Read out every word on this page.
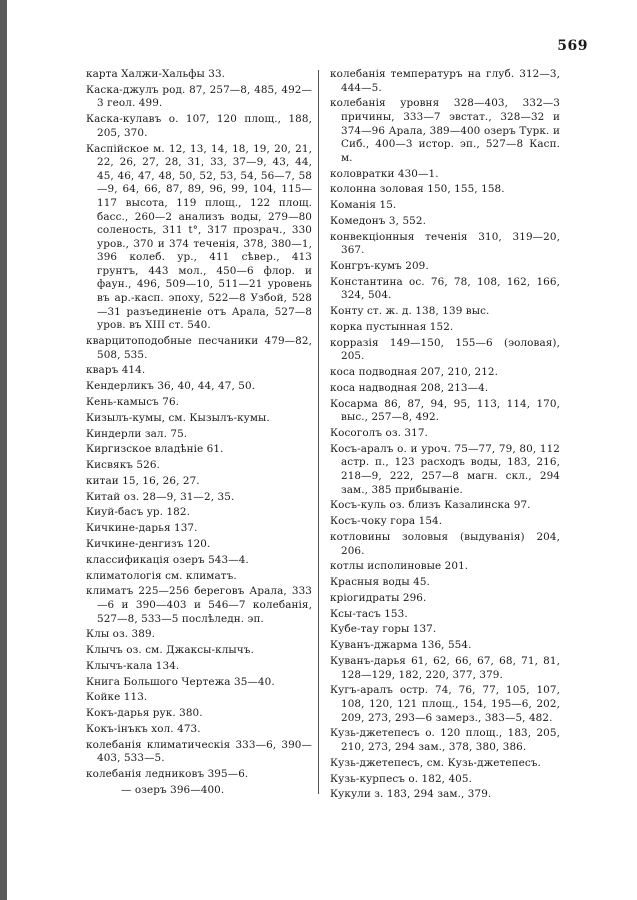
569

карта Халжи-Хальфы 33.

Каска-джулъ род. 87, 257—8, 485, 492—3 геол. 499.

Каска-кулавъ о. 107, 120 площ., 188, 205, 370.

Каспійское м. 12, 13, 14, 18, 19, 20, 21, 22, 26, 27, 28, 31, 33, 37—9, 43, 44, 45, 46, 47, 48, 50, 52, 53, 54, 56—7, 58—9, 64, 66, 87, 89, 96, 99, 104, 115—117 высота, 119 площ., 122 площ. басс., 260—2 анализъ воды, 279—80 соленость, 311 t°, 317 прозрач., 330 уров., 370 и 374 теченія, 378, 380—1, 396 колеб. ур., 411 сѣвер., 413 грунтъ, 443 мол., 450—6 флор. и фаун., 496, 509—10, 511—21 уровень въ ар.-касп. эпоху, 522—8 Узбой, 528—31 разъединеніе отъ Арала, 527—8 уров. въ XIII ст. 540.

кварцитоподобные песчаники 479—82, 508, 535.

кваръ 414.

Кендерли​къ 36, 40, 44, 47, 50.

Кень-камысъ 76.

Кизылъ-кумы, см. Кызылъ-кумы.

Киндерли зал. 75.

Киргизское владѣніе 61.

Кисвякъ 526.

китаи 15, 16, 26, 27.

Китай оз. 28—9, 31—2, 35.

Киуй-басъ ур. 182.

Кичкине-дарья 137.

Кичкине-денгизъ 120.

классификація озеръ 543—4.

климатологія см. климатъ.

климатъ 225—256 береговъ Арала, 333—6 и 390—403 и 546—7 колебанія, 527—8, 533—5 послѣледн. эп.

Клы оз. 389.

Клычъ оз. см. Джаксы-клычъ.

Клычъ-кала 134.

Книга Большого Чертежа 35—40.

Койке 113.

Кокъ-дарья рук. 380.

Кокъ-інъкъ хол. 473.

колебанія климатическія 333—6, 390—403, 533—5.

колебанія ледниковъ 395—6.

— озеръ 396—400.

колебанія температуръ на глуб. 312—3, 444—5.

колебанія уровня 328—403, 332—3 причины, 333—7 эвстат., 328—32 и 374—96 Арала, 389—400 озеръ Турк. и Сиб., 400—3 истор. эп., 527—8 Касп. м.

коловратки 430—1.

колонна золовая 150, 155, 158.

Команія 15.

Комедонъ 3, 552.

конвекціонныя теченія 310, 319—20, 367.

Конгръ-кумъ 209.

Константина ос. 76, 78, 108, 162, 166, 324, 504.

Конту ст. ж. д. 138, 139 выс.

корка пустынная 152.

корразія 149—150, 155—6 (эоловая), 205.

коса подводная 207, 210, 212.

коса надводная 208, 213—4.

Косарма 86, 87, 94, 95, 113, 114, 170, выс., 257—8, 492.

Косоголъ оз. 317.

Косъ-аралъ о. и уроч. 75—77, 79, 80, 112 астр. п., 123 расходъ воды, 183, 216, 218—9, 222, 257—8 магн. скл., 294 зам., 385 прибываніе.

Косъ-куль оз. близъ Казалинска 97.

Косъ-чоку гора 154.

котловины золовыя (выдуванія) 204, 206.

котлы исполиновые 201.

Красныя воды 45.

кріогидраты 296.

Ксы-тасъ 153.

Кубе-тау горы 137.

Куванъ-джарма 136, 554.

Куванъ-дарья 61, 62, 66, 67, 68, 71, 81, 128—129, 182, 220, 377, 379.

Кугъ-аралъ остр. 74, 76, 77, 105, 107, 108, 120, 121 площ., 154, 195—6, 202, 209, 273, 293—6 замерз., 383—5, 482.

Кузь-джетепесъ о. 120 площ., 183, 205, 210, 273, 294 зам., 378, 380, 386.

Кузь-джетепесъ, см. Кузь-джетепесъ.

Кузь-курпесъ о. 182, 405.

Кукули з. 183, 294 зам., 379.
